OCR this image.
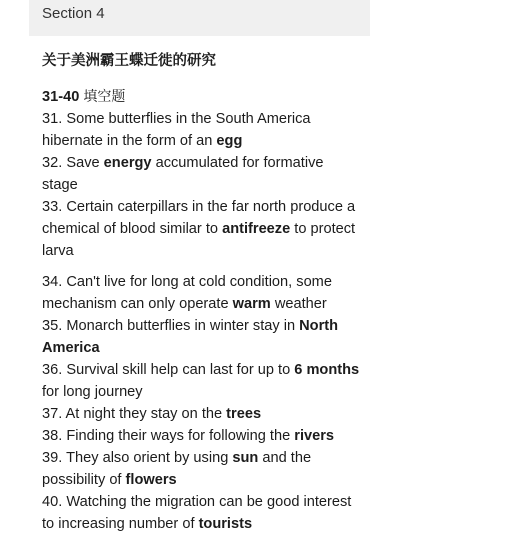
Section 4
关于美洲霸王蝶迁徙的研究
31-40 填空题
31. Some butterflies in the South America hibernate in the form of an egg
32. Save energy accumulated for formative stage
33. Certain caterpillars in the far north produce a chemical of blood similar to antifreeze to protect larva
34. Can't live for long at cold condition, some mechanism can only operate warm weather
35. Monarch butterflies in winter stay in North America
36. Survival skill help can last for up to 6 months for long journey
37. At night they stay on the trees
38. Finding their ways for following the rivers
39. They also orient by using sun and the possibility of flowers
40. Watching the migration can be good interest to increasing number of tourists
